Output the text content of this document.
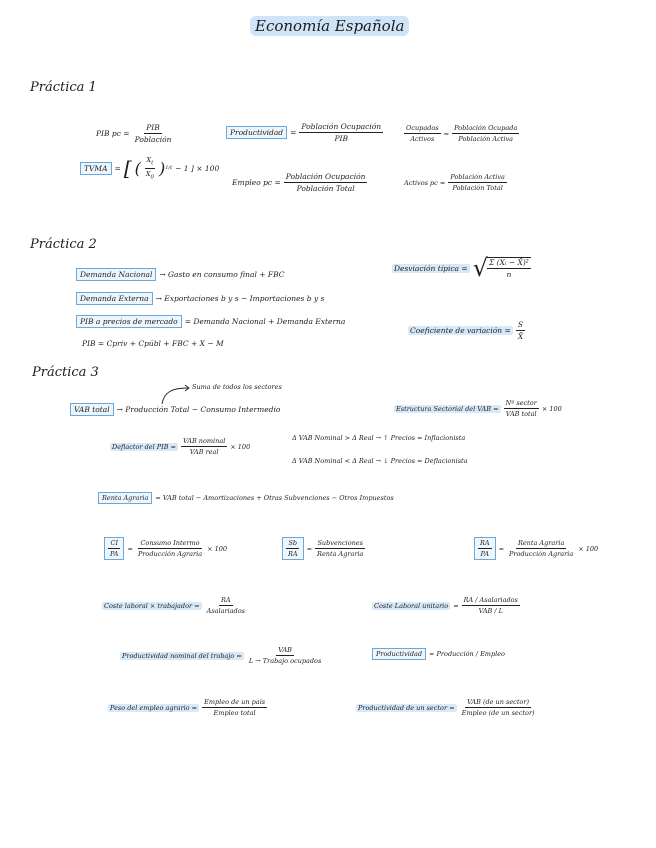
Economía Española
Práctica 1
PIB pc = $\frac{\text{PIB}}{\text{Población}}$	Productividad = $\frac{\text{Población Ocupación}}{\text{PIB}}$	$\frac{\text{Ocupados}}{\text{Activos}} = \frac{\text{Población Ocupada}}{\text{Población Activa}}$
TVMA = [ ( $\frac{X_t}{X_0}$ ) 1/t − 1 ] × 100
Empleo pc = $\frac{\text{Población Ocupación}}{\text{Población Total}}$	Activos pc = $\frac{\text{Población Activa}}{\text{Población Total}}$
Práctica 2
Demanda Nacional → Gasto en consumo final + FBC
Demanda Externa → Exportaciones b y s − Importaciones b y s
PIB a precios de mercado = Demanda Nacional + Demanda Externa
PIB = Cpriv + Cpúbl + FBC + X − M
Desviación típica = √ $\frac{\text{Σ (Xᵢ − X̄)²}}{n}$
Coeficiente de variación = $\frac{S}{X̄}$
Práctica 3
Suma de todos los sectores
VAB total → Producción Total − Consumo Intermedio	Estructura Sectorial del VAB = $\frac{\text{Nº sector}}{\text{VAB total}} \times 100$
Deflactor del PIB = $\frac{\text{VAB nominal}}{\text{VAB real}} \times 100$
Δ VAB Nominal > Δ Real → ↑ Precios = Inflacionista
Δ VAB Nominal < Δ Real → ↓ Precios = Deflacionista
Renta Agraria	= VAB total − Amortizaciones + Otras Subvenciones − Otros Impuestos
$\frac{CI}{PA} = \frac{\text{Consumo Intermo}}{\text{Producción Agraria}} \times 100$	$\frac{Sb}{RA} = \frac{\text{Subvenciones}}{\text{Renta Agraria}}$	$\frac{RA}{PA} = \frac{\text{Renta Agraria}}{\text{Producción Agraria}} \times 100$
Coste laboral × trabajador = $\frac{RA}{\text{Asalariados}}$	Coste Laboral unitario = $\frac{\text{RA / Asalariados}}{\text{VAB / L}}$
Productividad nominal del trabajo = $\frac{\text{VAB}}{\text{L → Trabajo ocupados}}$	Productividad	= Producción / Empleo
Peso del empleo agrario = $\frac{\text{Empleo de un país}}{\text{Empleo total}}$	Productividad de un sector = $\frac{\text{VAB (de un sector)}}{\text{Empleo (de un sector)}}$
